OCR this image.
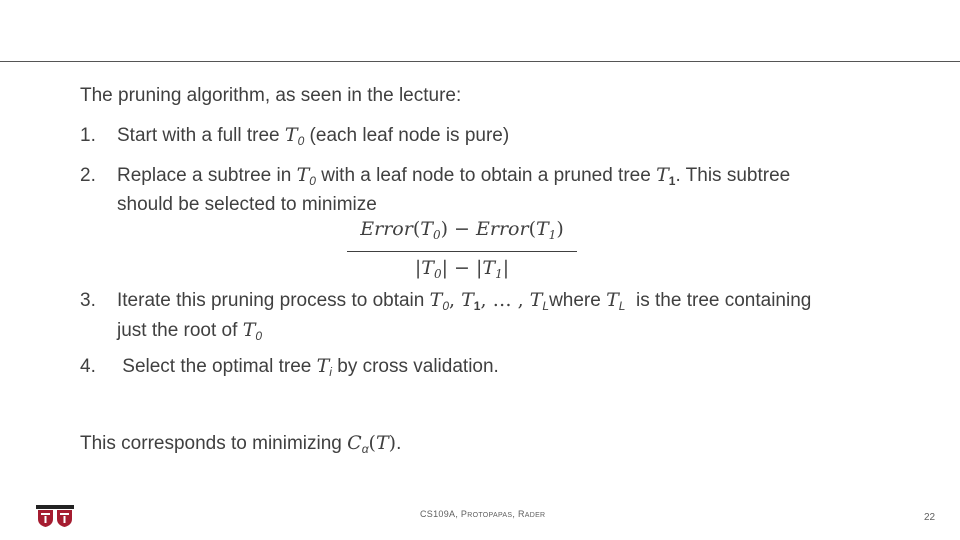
The pruning algorithm, as seen in the lecture:
1. Start with a full tree $T_0$ (each leaf node is pure)
2. Replace a subtree in $T_0$ with a leaf node to obtain a pruned tree $T_1$. This subtree
should be selected to minimize
$Error(T_0)$ − $Error(T_1)$
$|T_0| - |T_1|$
3. Iterate this pruning process to obtain $T_0$, $T_1$, … , $T_Lwhere$ $T_L$  is the tree containing
just the root of $T_0$
4. Select the optimal tree $T_i$ by cross validation.
This corresponds to minimizing $C_\alpha(T)$.
CS109A, PROTOPAPAS, RADER	22
